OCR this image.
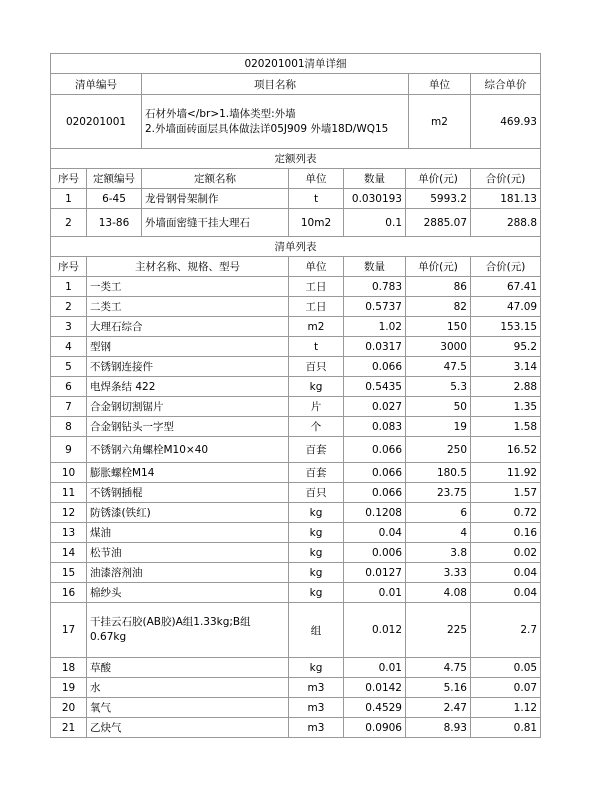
020201001清单详细			
清单编号	项目名称	单位	综合单价
020201001	石材外墙</br>1.墙体类型:外墙
2.外墙面砖面层具体做法详05J909 外墙18D/WQ15	m2	469.93
定额列表						
序号	定额编号	定额名称	单位	数量	单价(元)	合价(元)
1	6-45	龙骨钢骨架制作	t	0.030193	5993.2	181.13
2	13-86	外墙面密缝干挂大理石	10m2	0.1	2885.07	288.8
清单列表					
序号	主材名称、规格、型号	单位	数量	单价(元)	合价(元)
1	一类工	工日	0.783	86	67.41
2	二类工	工日	0.5737	82	47.09
3	大理石综合	m2	1.02	150	153.15
4	型钢	t	0.0317	3000	95.2
5	不锈钢连接件	百只	0.066	47.5	3.14
6	电焊条结 422	kg	0.5435	5.3	2.88
7	合金钢切割锯片	片	0.027	50	1.35
8	合金钢钻头一字型	个	0.083	19	1.58
9	不锈钢六角螺栓M10×40	百套	0.066	250	16.52
10	膨胀螺栓M14	百套	0.066	180.5	11.92
11	不锈钢插棍	百只	0.066	23.75	1.57
12	防锈漆(铁红)	kg	0.1208	6	0.72
13	煤油	kg	0.04	4	0.16
14	松节油	kg	0.006	3.8	0.02
15	油漆溶剂油	kg	0.0127	3.33	0.04
16	棉纱头	kg	0.01	4.08	0.04
17	干挂云石胶(AB胶)A组1.33kg;B组0.67kg	组	0.012	225	2.7
18	草酸	kg	0.01	4.75	0.05
19	水	m3	0.0142	5.16	0.07
20	氧气	m3	0.4529	2.47	1.12
21	乙炔气	m3	0.0906	8.93	0.81
